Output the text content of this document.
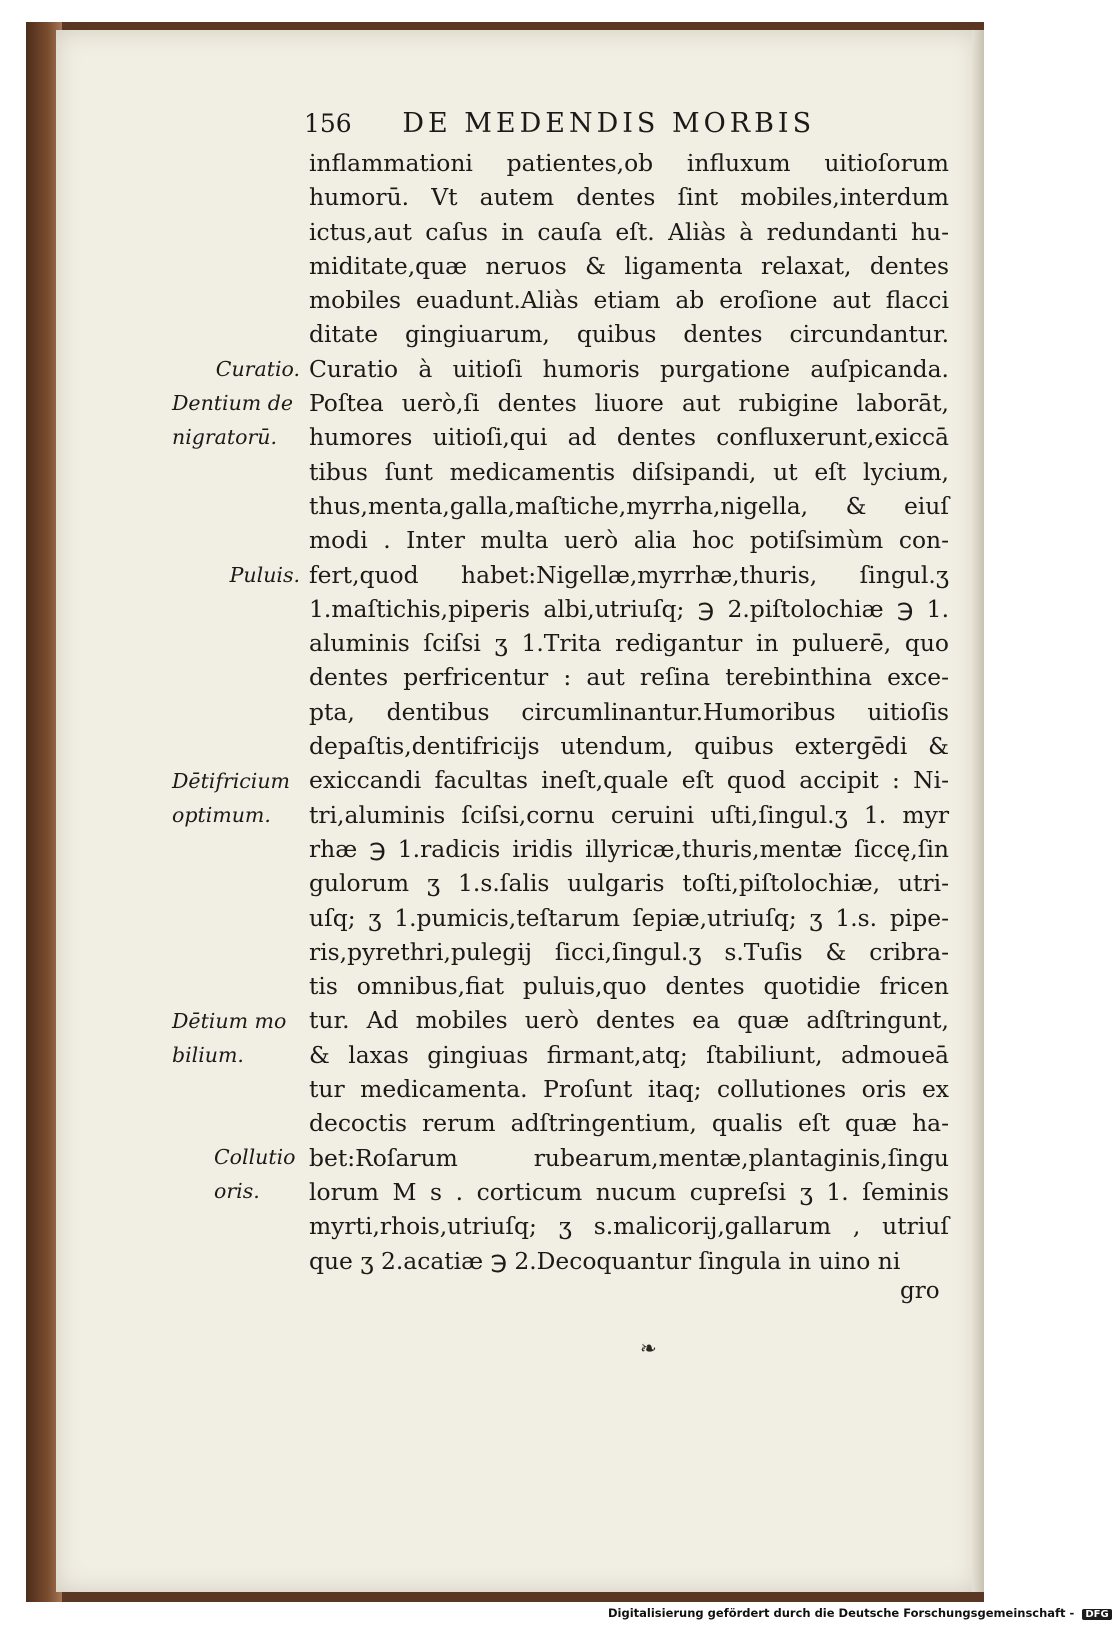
156 DE MEDENDIS MORBIS
inflammationi patientes,ob influxum uitioſorum
humorū. Vt autem dentes ſint mobiles,interdum
ictus,aut caſus in cauſa eſt. Aliàs à redundanti hu-
miditate,quæ neruos & ligamenta relaxat, dentes
mobiles euadunt.Aliàs etiam ab eroſione aut flacci
ditate gingiuarum, quibus dentes circundantur.
Curatio à uitioſi humoris purgatione auſpicanda.
Poſtea uerò,ſi dentes liuore aut rubigine laborāt,
humores uitioſi,qui ad dentes confluxerunt,exiccā
tibus ſunt medicamentis diſsipandi, ut eſt lycium,
thus,menta,galla,maſtiche,myrrha,nigella, & eiuſ
modi . Inter multa uerò alia hoc potiſsimùm con-
fert,quod habet:Nigellæ,myrrhæ,thuris, ſingul.ʒ
1.maſtichis,piperis albi,utriuſq; ℈ 2.piſtolochiæ ℈ 1.
aluminis ſciſsi ʒ 1.Trita redigantur in puluerē, quo
dentes perfricentur : aut reſina terebinthina exce-
pta, dentibus circumlinantur.Humoribus uitioſis
depaſtis,dentifricijs utendum, quibus extergēdi &
exiccandi facultas ineſt,quale eſt quod accipit : Ni-
tri,aluminis ſciſsi,cornu ceruini uſti,ſingul.ʒ 1. myr
rhæ ℈ 1.radicis iridis illyricæ,thuris,mentæ ſiccę,ſin
gulorum ʒ 1.s.ſalis uulgaris toſti,piſtolochiæ, utri-
uſq; ʒ 1.pumicis,teſtarum ſepiæ,utriuſq; ʒ 1.s. pipe-
ris,pyrethri,pulegij ſicci,ſingul.ʒ s.Tuſis & cribra-
tis omnibus,fiat puluis,quo dentes quotidie fricen
tur. Ad mobiles uerò dentes ea quæ adſtringunt,
& laxas gingiuas firmant,atq; ſtabiliunt, admoueā
tur medicamenta. Proſunt itaq; collutiones oris ex
decoctis rerum adſtringentium, qualis eſt quæ ha-
bet:Roſarum rubearum,mentæ,plantaginis,ſingu
lorum M s . corticum nucum cupreſsi ʒ 1. ſeminis
myrti,rhois,utriuſq; ʒ s.malicorij,gallarum , utriuſ
que ʒ 2.acatiæ ℈ 2.Decoquantur ſingula in uino ni
gro
Curatio.
Dentium de
nigratorū.
Puluis.
Dētifricium
optimum.
Dētium mo
bilium.
Collutio
oris.
❧
Digitalisierung gefördert durch die Deutsche Forschungsgemeinschaft - DFG
